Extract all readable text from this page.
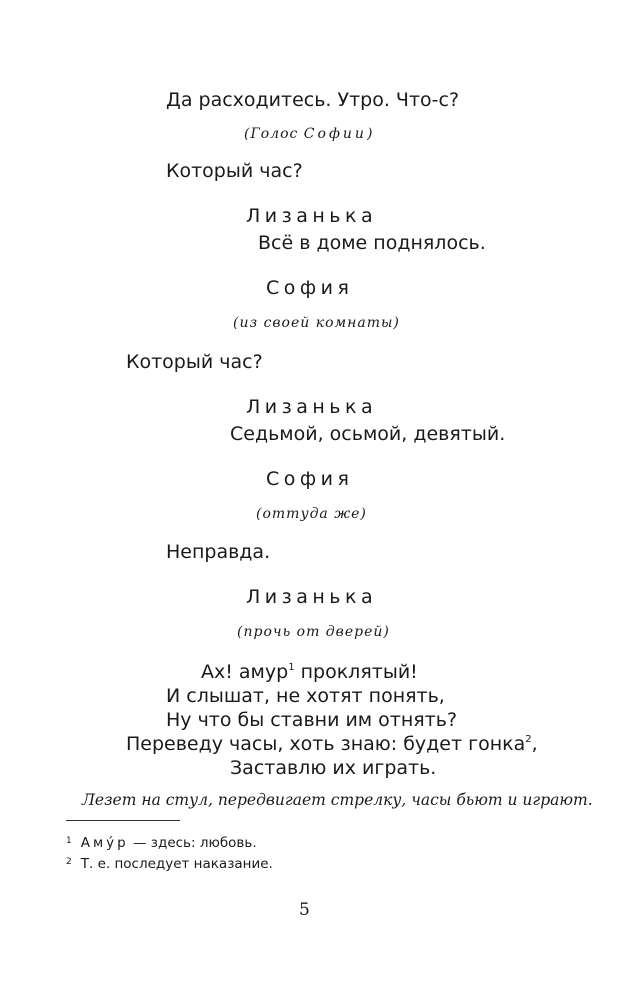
Да расходитесь. Утро. Что-с?
(Голос Софии)
Который час?
Лизанька
Всё в доме поднялось.
София
(из своей комнаты)
Который час?
Лизанька
Седьмой, осьмой, девятый.
София
(оттуда же)
Неправда.
Лизанька
(прочь от дверей)
Ах! амур$^1$ проклятый!
И слышат, не хотят понять,
Ну что бы ставни им отнять?
Переведу часы, хоть знаю: будет гонка$^2$,
Заставлю их играть.
Лезет на стул, передвигает стрелку, часы бьют и играют.
$^1$ Аму́р — здесь: любовь.
$^2$ Т. е. последует наказание.
5
